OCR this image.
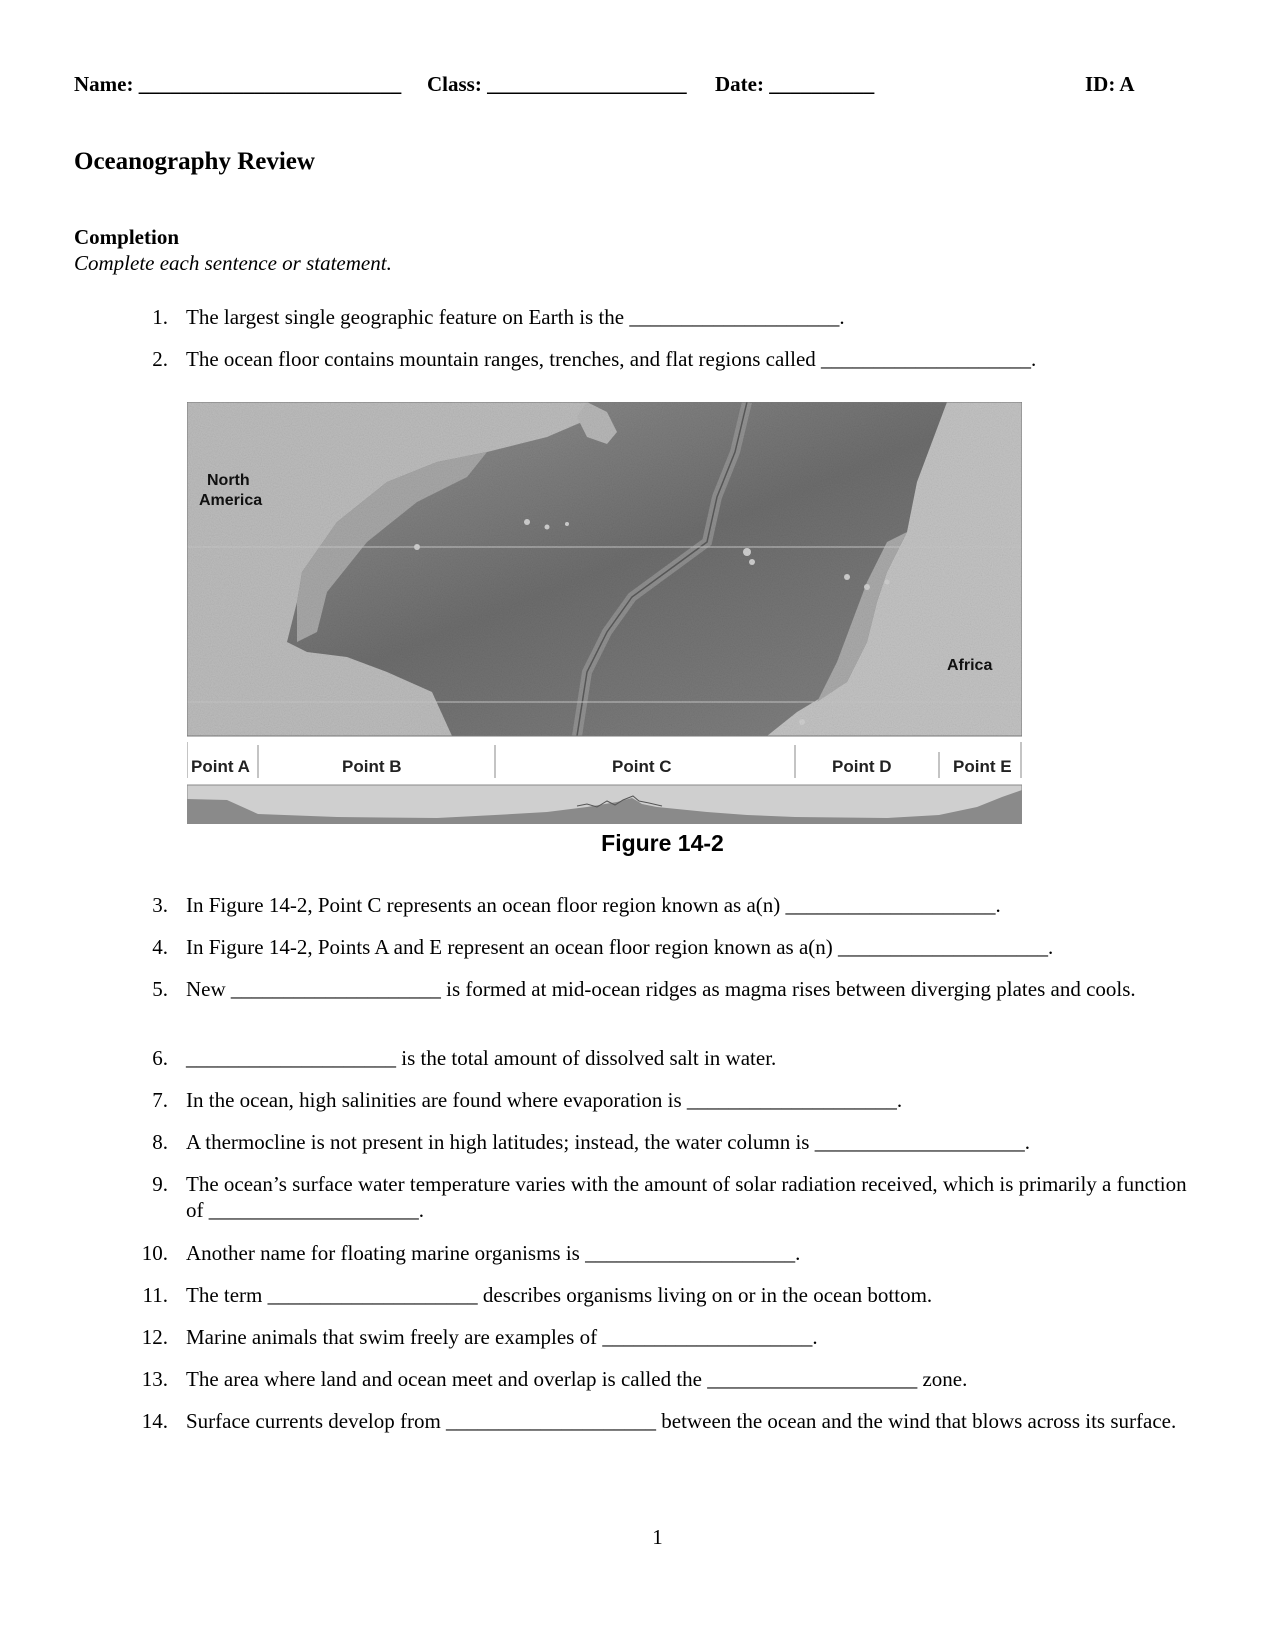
Name: _________________________ Class: ___________________ Date: __________	ID: A
Oceanography Review
Completion
Complete each sentence or statement.
1. The largest single geographic feature on Earth is the ____________________.
2. The ocean floor contains mountain ranges, trenches, and flat regions called ____________________.
North
America
Africa
Point A	Point B	Point C	Point D	Point E
Figure 14-2
3. In Figure 14-2, Point C represents an ocean floor region known as a(n) ____________________.
4. In Figure 14-2, Points A and E represent an ocean floor region known as a(n) ____________________.
5. New ____________________ is formed at mid-ocean ridges as magma rises between diverging plates and cools.
6. ____________________ is the total amount of dissolved salt in water.
7. In the ocean, high salinities are found where evaporation is ____________________.
8. A thermocline is not present in high latitudes; instead, the water column is ____________________.
9. The ocean’s surface water temperature varies with the amount of solar radiation received, which is primarily a function of ____________________.
10. Another name for floating marine organisms is ____________________.
11. The term ____________________ describes organisms living on or in the ocean bottom.
12. Marine animals that swim freely are examples of ____________________.
13. The area where land and ocean meet and overlap is called the ____________________ zone.
14. Surface currents develop from ____________________ between the ocean and the wind that blows across its surface.
1
